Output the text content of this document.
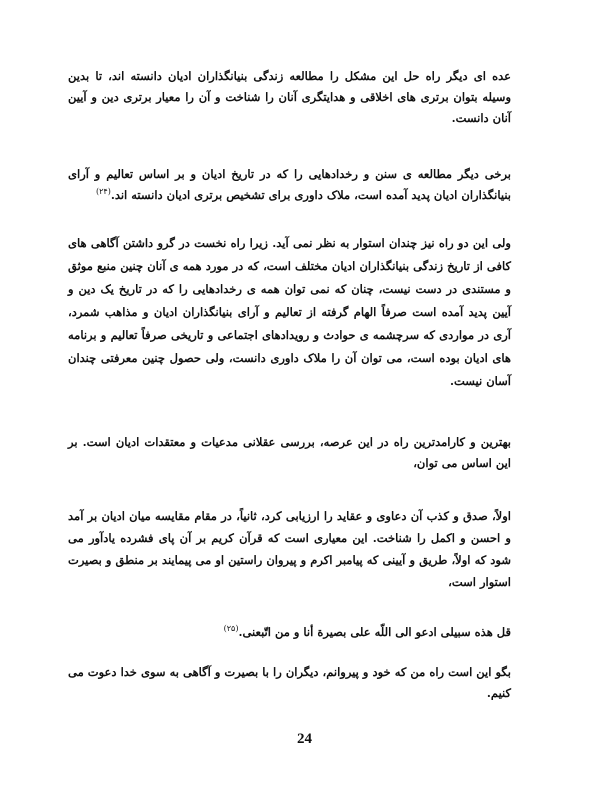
عده ای دیگر راه حل این مشکل را مطالعه زندگی بنیانگذاران ادیان دانسته اند، تا بدین وسیله بتوان برتری های اخلاقی و هدایتگری آنان را شناخت و آن را معیار برتری دین و آیین آنان دانست.
برخی دیگر مطالعه ی سنن و رخدادهایی را که در تاریخ ادیان و بر اساس تعالیم و آرای بنیانگذاران ادیان پدید آمده است، ملاک داوری برای تشخیص برتری ادیان دانسته اند.$^{(٢۴)}$
ولی این دو راه نیز چندان استوار به نظر نمی آید. زیرا راه نخست در گرو داشتن آگاهی های کافی از تاریخ زندگی بنیانگذاران ادیان مختلف است، که در مورد همه ی آنان چنین منبع موثق و مستندی در دست نیست، چنان که نمی توان همه ی رخدادهایی را که در تاریخ یک دین و آیین پدید آمده است صرفاً الهام گرفته از تعالیم و آرای بنیانگذاران ادیان و مذاهب شمرد، آری در مواردی که سرچشمه ی حوادث و رویدادهای اجتماعی و تاریخی صرفاً تعالیم و برنامه های ادیان بوده است، می توان آن را ملاک داوری دانست، ولی حصول چنین معرفتی چندان آسان نیست.
بهترین و کارامدترین راه در این عرصه، بررسی عقلانی مدعیات و معتقدات ادیان است. بر این اساس می توان،
اولاً، صدق و کذب آن دعاوی و عقاید را ارزیابی کرد، ثانیاً، در مقام مقایسه میان ادیان بر آمد و احسن و اکمل را شناخت. این معیاری است که قرآن کریم بر آن پای فشرده یادآور می شود که اولاً، طریق و آیینی که پیامبر اکرم و پیروان راستین او می پیمایند بر منطق و بصیرت استوار است،
قل هذه سبیلی ادعو الی اللّه علی بصیرة أنا و من اتّبعنی.$^{(٢۵)}$
بگو این است راه من که خود و پیروانم، دیگران را با بصیرت و آگاهی به سوی خدا دعوت می کنیم.
24
